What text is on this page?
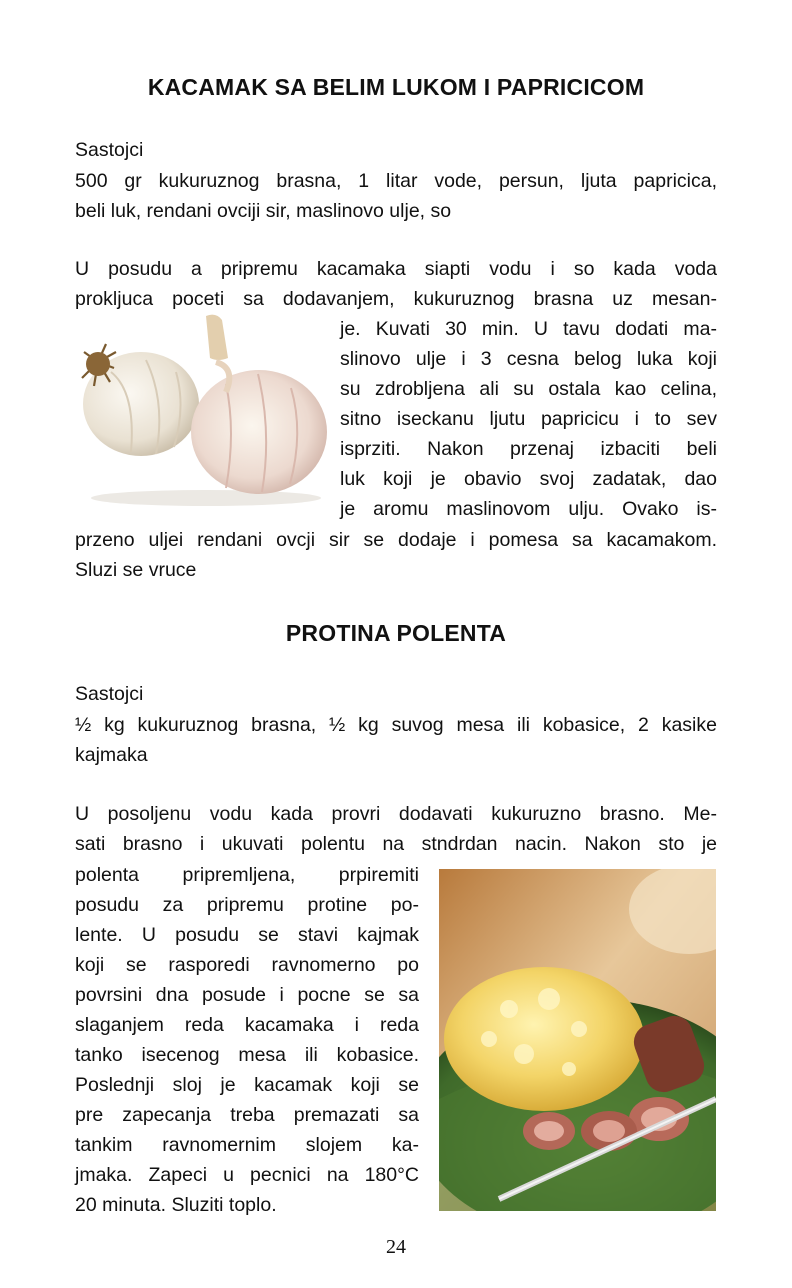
KACAMAK SA BELIM LUKOM I PAPRICICOM
Sastojci
500 gr kukuruznog brasna, 1 litar vode, persun, ljuta papricica,
beli luk, rendani ovciji sir, maslinovo ulje, so
U posudu a pripremu kacamaka siapti vodu i so kada voda
prokljuca poceti sa dodavanjem, kukuruznog brasna uz mesan-
je. Kuvati 30 min. U tavu dodati ma-
slinovo ulje i 3 cesna belog luka koji
su zdrobljena ali su ostala kao celina,
sitno iseckanu ljutu papricicu i to sev
isprziti. Nakon przenaj izbaciti beli
luk koji je obavio svoj zadatak, dao
je aromu maslinovom ulju. Ovako is-
przeno uljei rendani ovcji sir se dodaje i pomesa sa kacamakom.
Sluzi se vruce
PROTINA POLENTA
Sastojci
½ kg kukuruznog brasna, ½ kg suvog mesa ili kobasice, 2 kasike
kajmaka
U posoljenu vodu kada provri dodavati kukuruzno brasno. Me-
sati brasno i ukuvati polentu na stndrdan nacin. Nakon sto je
polenta pripremljena, prpiremiti
posudu za pripremu protine po-
lente. U posudu se stavi kajmak
koji se rasporedi ravnomerno po
povrsini dna posude i pocne se sa
slaganjem reda kacamaka i reda
tanko isecenog mesa ili kobasice.
Poslednji sloj je kacamak koji se
pre zapecanja treba premazati sa
tankim ravnomernim slojem ka-
jmaka. Zapeci u pecnici na 180°C
20 minuta. Sluziti toplo.
24
